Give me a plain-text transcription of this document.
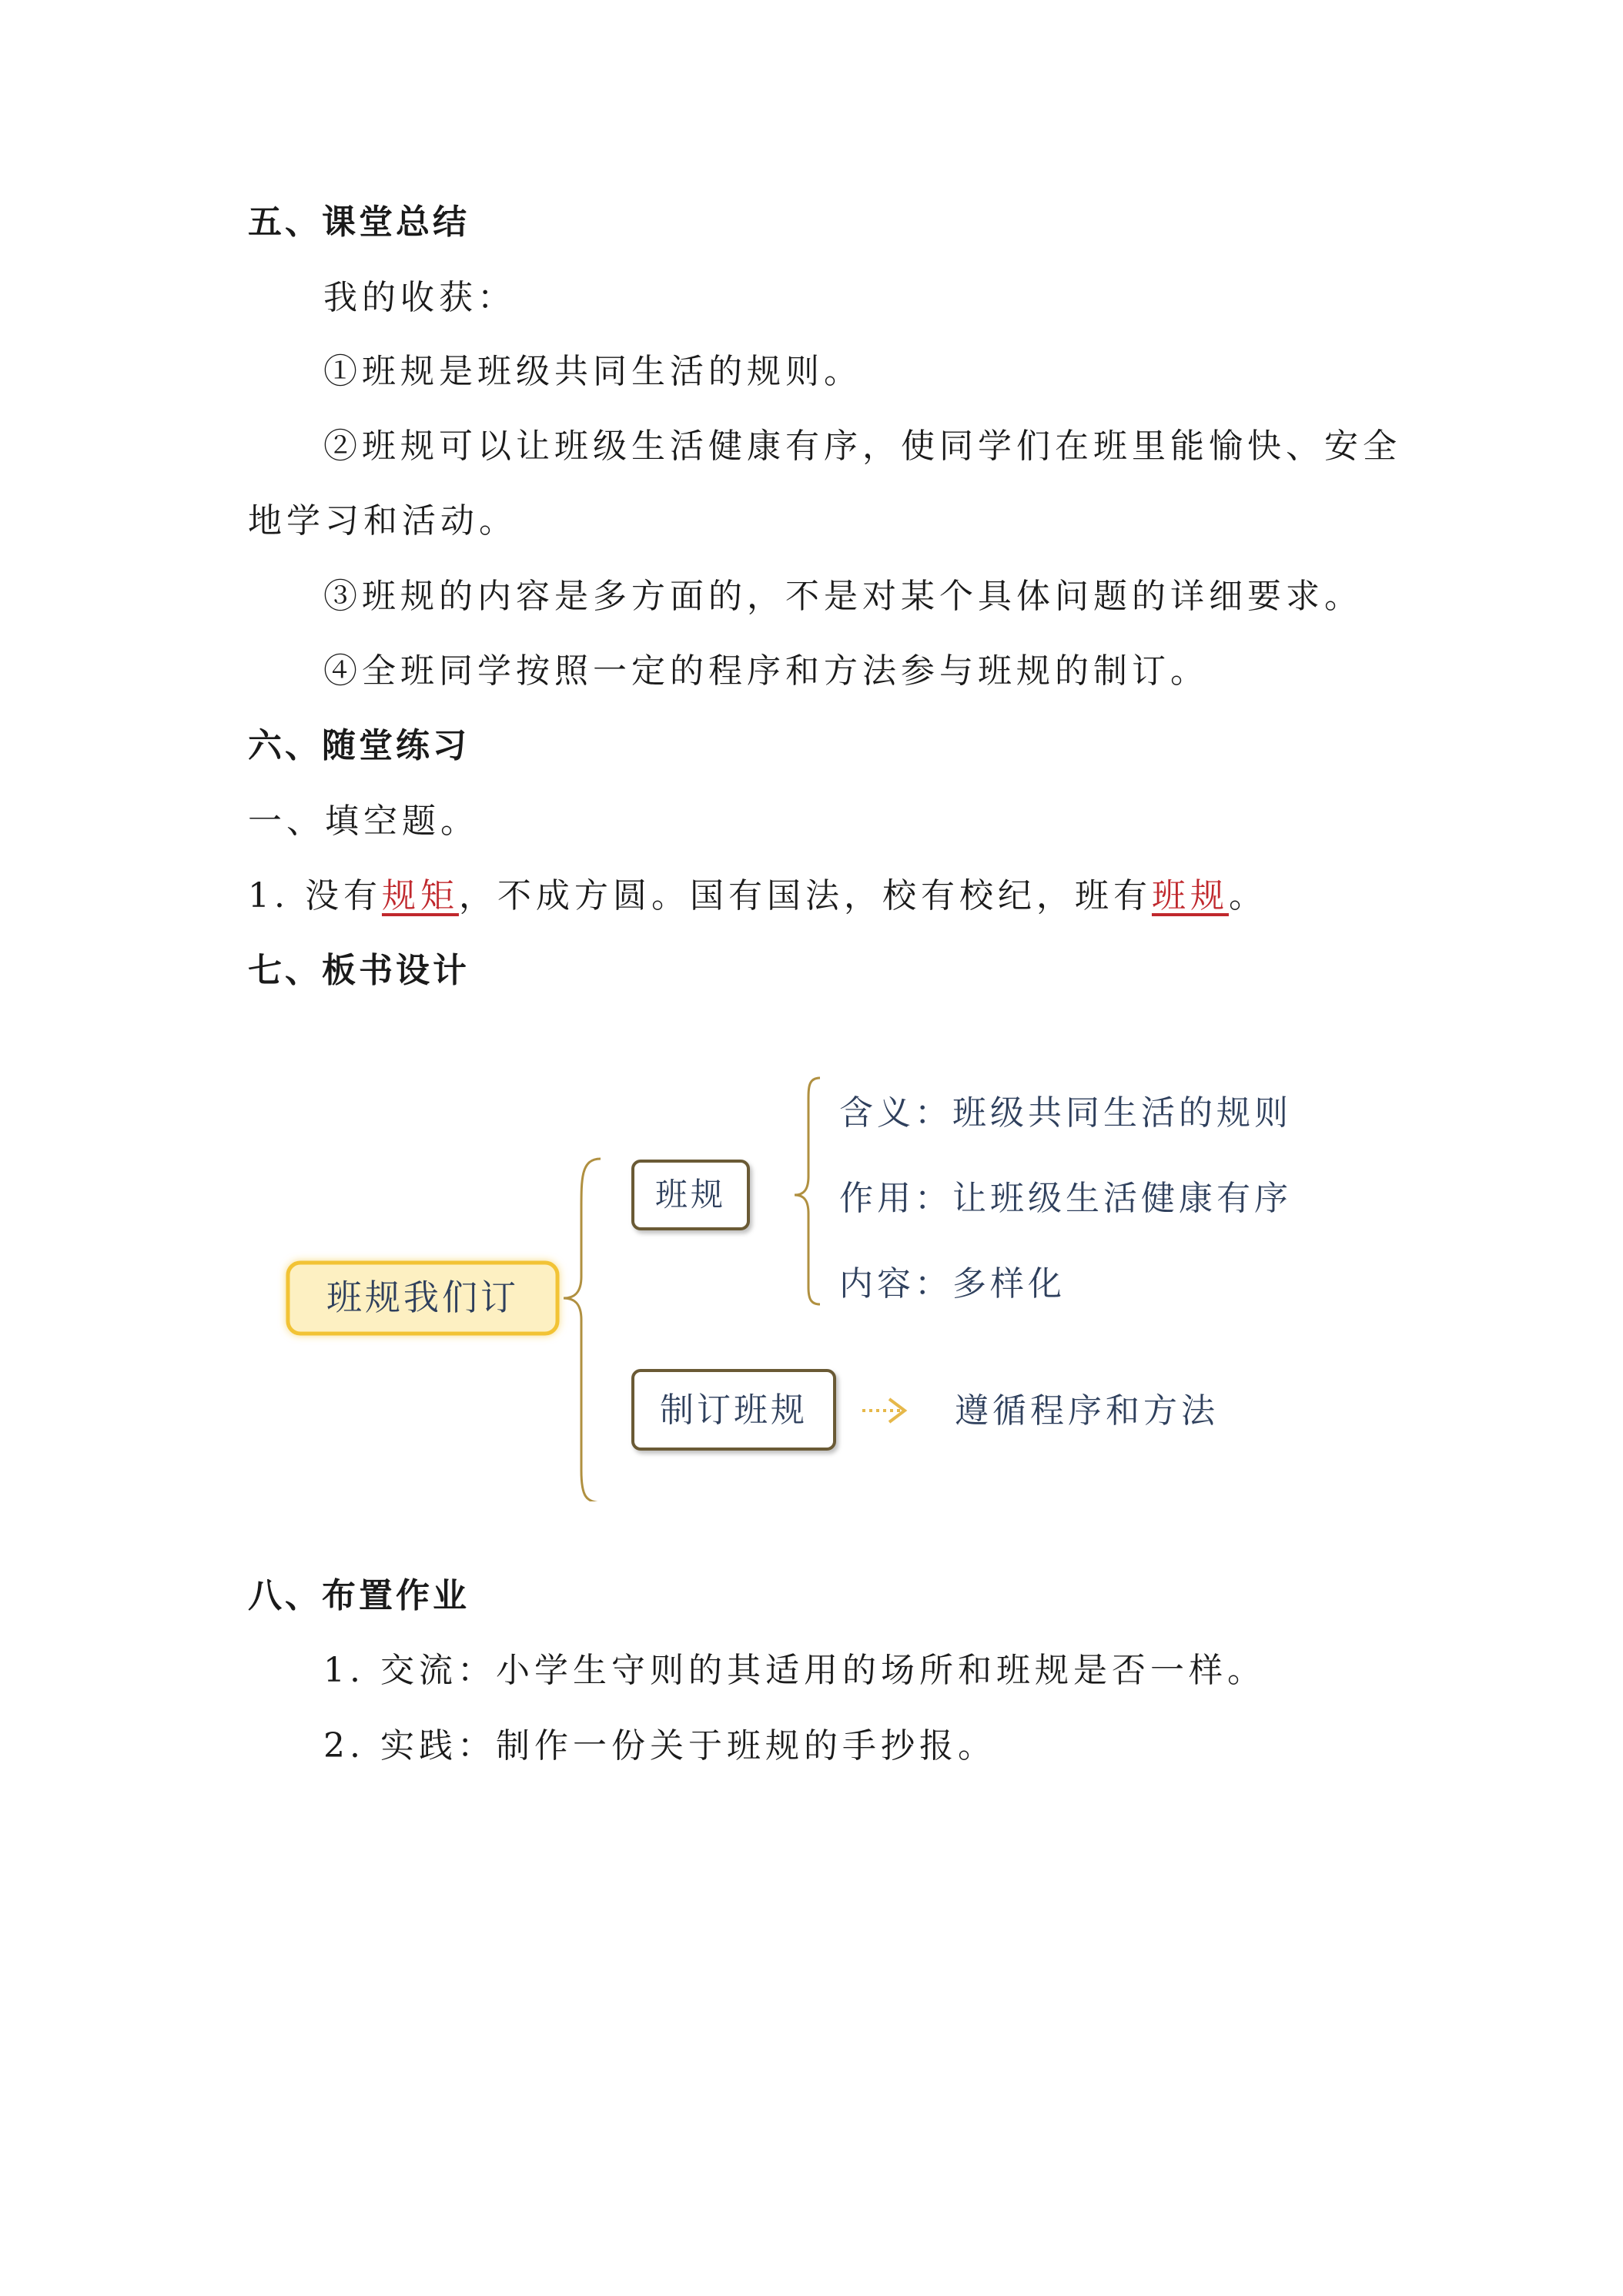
五、课堂总结
我的收获：
①班规是班级共同生活的规则。
②班规可以让班级生活健康有序，使同学们在班里能愉快、安全
地学习和活动。
③班规的内容是多方面的，不是对某个具体问题的详细要求。
④全班同学按照一定的程序和方法参与班规的制订。
六、随堂练习
一、填空题。
1. 没有规矩，不成方圆。国有国法，校有校纪，班有班规。
七、板书设计
班规我们订
班规
含义：班级共同生活的规则
作用：让班级生活健康有序
内容：多样化
制订班规	遵循程序和方法
八、布置作业
1. 交流：小学生守则的其适用的场所和班规是否一样。
2. 实践：制作一份关于班规的手抄报。
